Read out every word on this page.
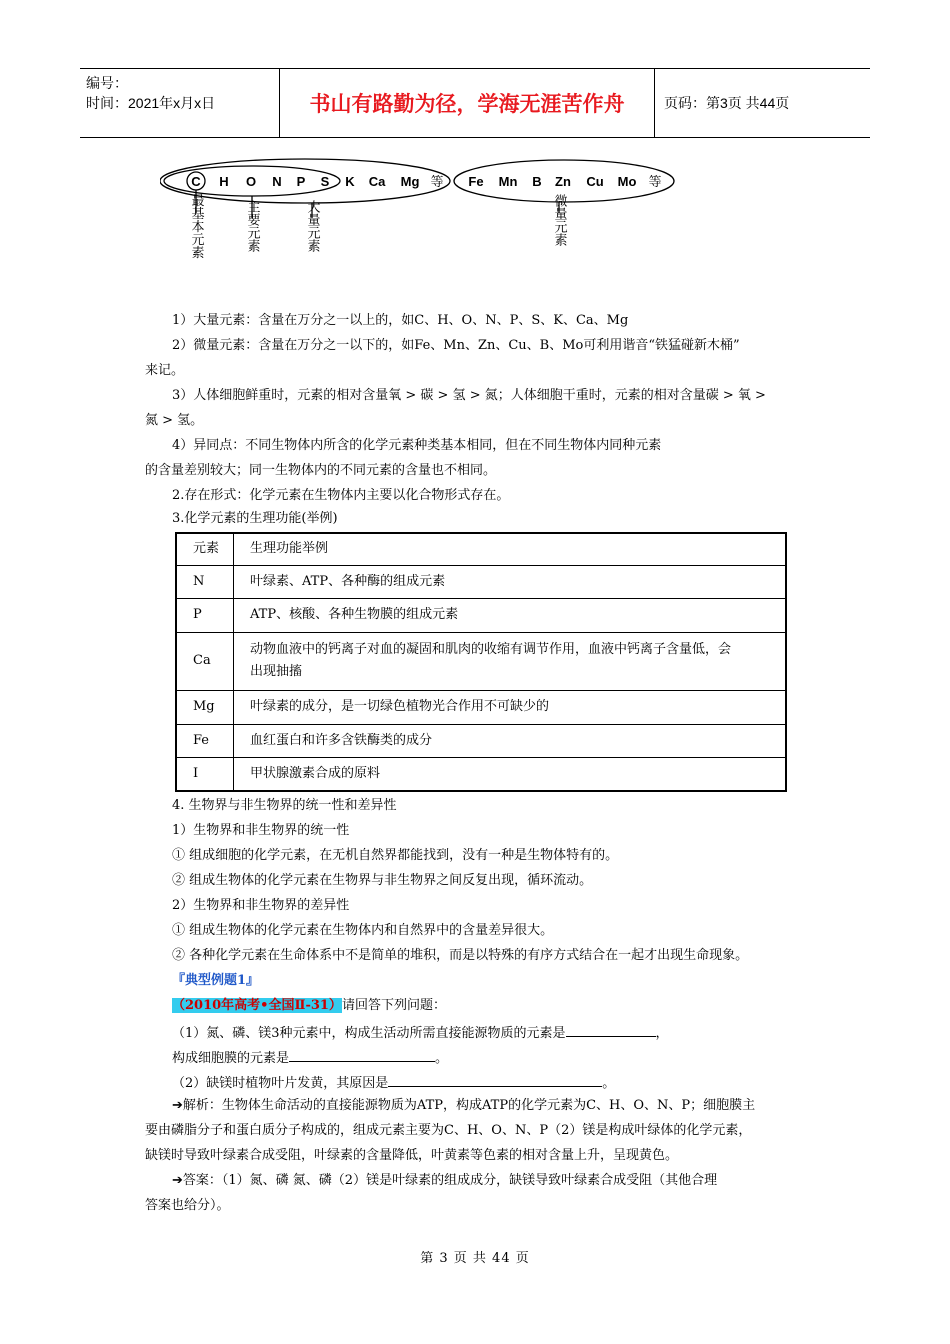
编号：
时间：2021年x月x日	书山有路勤为径，学海无涯苦作舟	页码：第3页 共44页
C H O N P S K Ca Mg 等 Fe Mn B Zn Cu Mo 等
最基本元素	主要元素	大量元素	微量元素
1）大量元素：含量在万分之一以上的，如C、H、O、N、P、S、K、Ca、Mg
2）微量元素：含量在万分之一以下的，如Fe、Mn、Zn、Cu、B、Mo可利用谐音“铁猛碰新木桶”
来记。
3）人体细胞鲜重时，元素的相对含量氧 > 碳 > 氢 > 氮；人体细胞干重时，元素的相对含量碳 > 氧 >
氮 > 氢。
4）异同点：不同生物体内所含的化学元素种类基本相同，但在不同生物体内同种元素
的含量差别较大；同一生物体内的不同元素的含量也不相同。
2.存在形式：化学元素在生物体内主要以化合物形式存在。
3.化学元素的生理功能(举例)
元素	生理功能举例
N	叶绿素、ATP、各种酶的组成元素
P	ATP、核酸、各种生物膜的组成元素
Ca	动物血液中的钙离子对血的凝固和肌肉的收缩有调节作用，血液中钙离子含量低，会
出现抽搐

Mg	叶绿素的成分，是一切绿色植物光合作用不可缺少的
Fe	血红蛋白和许多含铁酶类的成分
I	甲状腺激素合成的原料
4. 生物界与非生物界的统一性和差异性
1）生物界和非生物界的统一性
① 组成细胞的化学元素，在无机自然界都能找到，没有一种是生物体特有的。
② 组成生物体的化学元素在生物界与非生物界之间反复出现，循环流动。
2）生物界和非生物界的差异性
① 组成生物体的化学元素在生物体内和自然界中的含量差异很大。
② 各种化学元素在生命体系中不是简单的堆积，而是以特殊的有序方式结合在一起才出现生命现象。
『典型例题1』
（2010年高考•全国Ⅱ-31）请回答下列问题：
（1）氮、磷、镁3种元素中，构成生活动所需直接能源物质的元素是	，
构成细胞膜的元素是	。
（2）缺镁时植物叶片发黄，其原因是	。
➔解析：生物体生命活动的直接能源物质为ATP，构成ATP的化学元素为C、H、O、N、P；细胞膜主
要由磷脂分子和蛋白质分子构成的，组成元素主要为C、H、O、N、P（2）镁是构成叶绿体的化学元素，
缺镁时导致叶绿素合成受阻，叶绿素的含量降低，叶黄素等色素的相对含量上升，呈现黄色。
➔答案：（1）氮、磷 氮、磷（2）镁是叶绿素的组成成分，缺镁导致叶绿素合成受阻（其他合理
答案也给分）。
第 3 页 共 44 页
